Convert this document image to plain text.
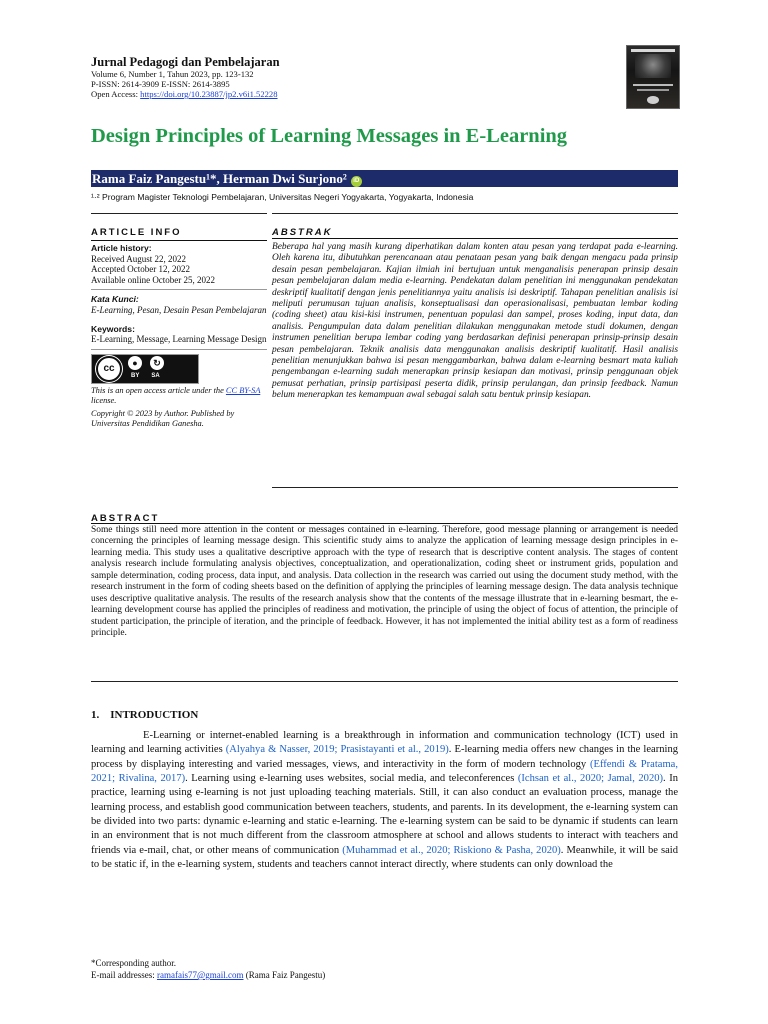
Jurnal Pedagogi dan Pembelajaran
Volume 6, Number 1, Tahun 2023, pp. 123-132
P-ISSN: 2614-3909 E-ISSN: 2614-3895
Open Access: https://doi.org/10.23887/jp2.v6i1.52228
Design Principles of Learning Messages in E-Learning
Rama Faiz Pangestu¹*, Herman Dwi Surjono² iD
¹·² Program Magister Teknologi Pembelajaran, Universitas Negeri Yogyakarta, Yogyakarta, Indonesia
ARTICLE INFO

Article history:

Received August 22, 2022

Accepted October 12, 2022

Available online October 25, 2022

Kata Kunci:

E-Learning, Pesan, Desain Pesan Pembelajaran

Keywords:

E-Learning, Message, Learning Message Design

cc	●	↻
BY SA

This is an open access article under the CC BY-SA license.

Copyright © 2023 by Author. Published by Universitas Pendidikan Ganesha.

ABSTRAK
Beberapa hal yang masih kurang diperhatikan dalam konten atau pesan yang terdapat pada e-learning. Oleh karena itu, dibutuhkan perencanaan atau penataan pesan yang baik dengan mengacu pada prinsip desain pesan pembelajaran. Kajian ilmiah ini bertujuan untuk menganalisis penerapan prinsip desain pesan pembelajaran dalam media e-learning. Pendekatan dalam penelitian ini menggunakan pendekatan deskriptif kualitatif dengan jenis penelitiannya yaitu analisis isi deskriptif. Tahapan penelitian analisis isi meliputi perumusan tujuan analisis, konseptualisasi dan operasionalisasi, pembuatan lembar koding (coding sheet) atau kisi-kisi instrumen, penentuan populasi dan sampel, proses koding, input data, dan analisis. Pengumpulan data dalam penelitian dilakukan menggunakan metode studi dokumen, dengan instrumen penelitian berupa lembar coding yang berdasarkan definisi penerapan prinsip-prinsip desain pesan pembelajaran. Teknik analisis data menggunakan analisis deskriptif kualitatif. Hasil analisis penelitian menunjukkan bahwa isi pesan menggambarkan, bahwa dalam e-learning besmart mata kuliah pengembangan e-learning sudah menerapkan prinsip kesiapan dan motivasi, prinsip penggunaan objek pemusat perhatian, prinsip partisipasi peserta didik, prinsip perulangan, dan prinsip feedback. Namun belum menerapkan tes kemampuan awal sebagai salah satu bentuk prinsip kesiapan.
ABSTRACT
Some things still need more attention in the content or messages contained in e-learning. Therefore, good message planning or arrangement is needed concerning the principles of learning message design. This scientific study aims to analyze the application of learning message design principles in e-learning media. This study uses a qualitative descriptive approach with the type of research that is descriptive content analysis. The stages of content analysis research include formulating analysis objectives, conceptualization, and operationalization, coding sheet or instrument grids, population and sample determination, coding process, data input, and analysis. Data collection in the research was carried out using the document study method, with the research instrument in the form of coding sheets based on the definition of applying the principles of learning message design. The data analysis technique uses descriptive qualitative analysis. The results of the research analysis show that the contents of the message illustrate that in e-learning besmart, the e-learning development course has applied the principles of readiness and motivation, the principle of using the object of focus of attention, the principle of student participation, the principle of iteration, and the principle of feedback. However, it has not implemented the initial ability test as a form of readiness principle.
1.    INTRODUCTION

E-Learning or internet-enabled learning is a breakthrough in information and communication technology (ICT) used in learning and learning activities (Alyahya & Nasser, 2019; Prasistayanti et al., 2019). E-learning media offers new changes in the learning process by displaying interesting and varied messages, views, and interactivity in the form of modern technology (Effendi & Pratama, 2021; Rivalina, 2017). Learning using e-learning uses websites, social media, and teleconferences (Ichsan et al., 2020; Jamal, 2020). In practice, learning using e-learning is not just uploading teaching materials. Still, it can also conduct an evaluation process, manage the learning process, and establish good communication between teachers, students, and parents. In its development, the e-learning system can be divided into two parts: dynamic e-learning and static e-learning. The e-learning system can be said to be dynamic if students can learn in an environment that is not much different from the classroom atmosphere at school and allows students to interact with teachers and friends via e-mail, chat, or other means of communication (Muhammad et al., 2020; Riskiono & Pasha, 2020). Meanwhile, it will be said to be static if, in the e-learning system, students and teachers cannot interact directly, where students can only download the

*Corresponding author.
E-mail addresses: ramafais77@gmail.com (Rama Faiz Pangestu)
